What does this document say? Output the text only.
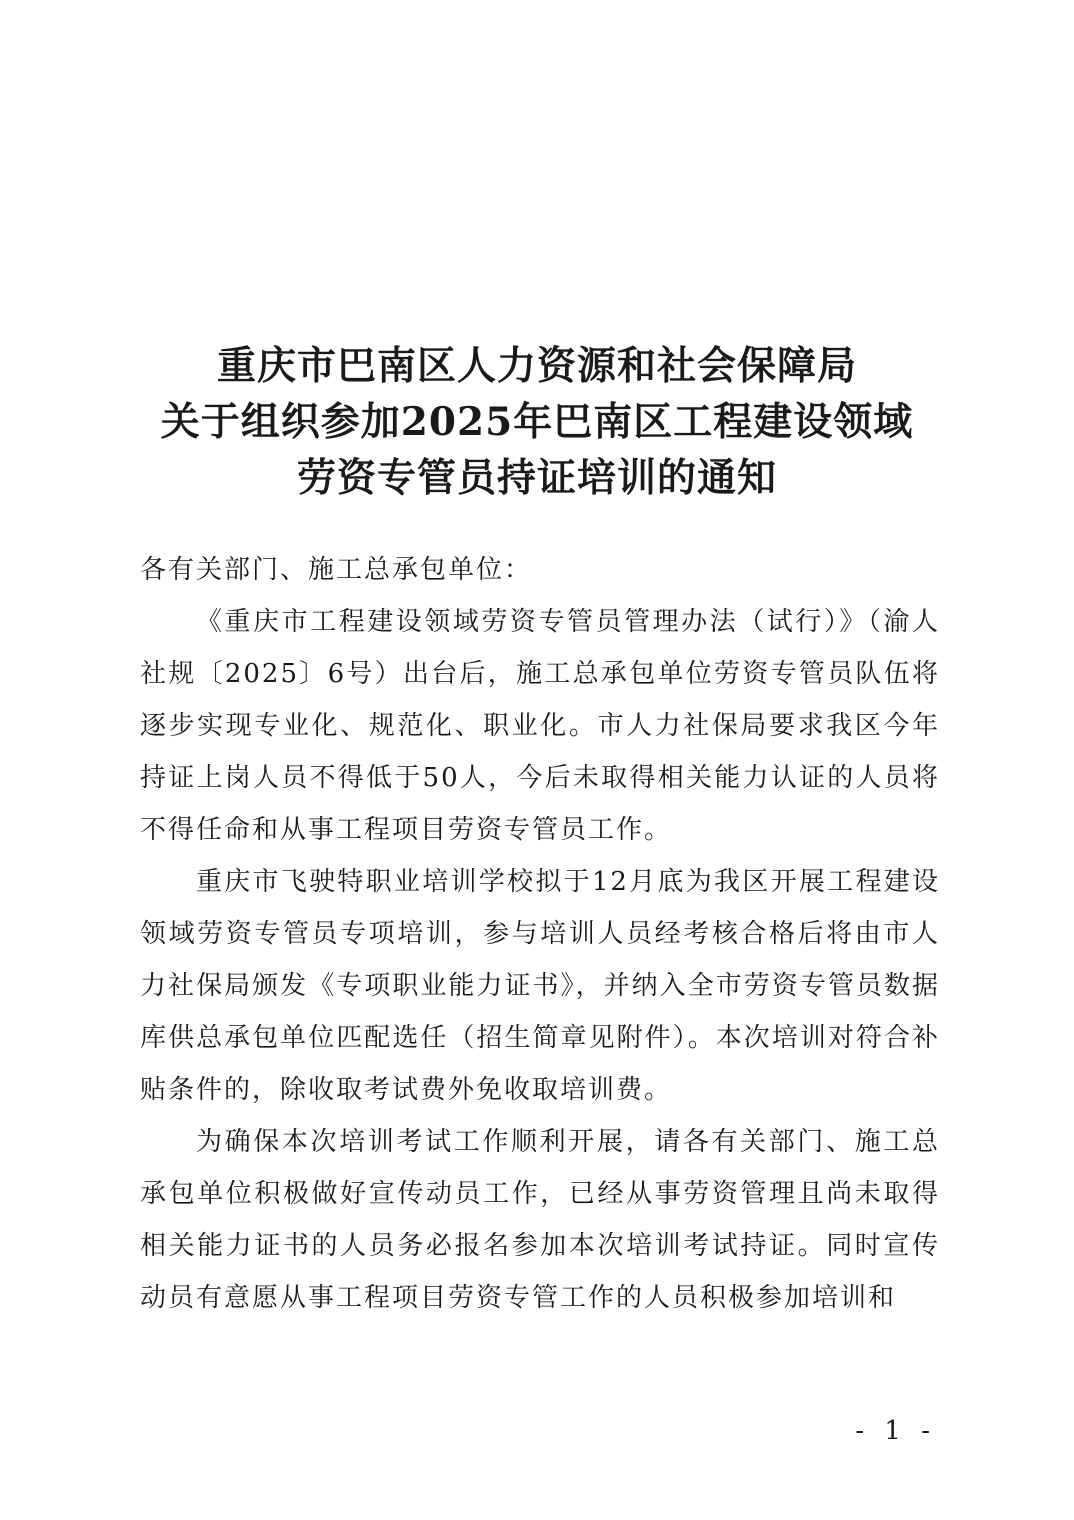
重庆市巴南区人力资源和社会保障局
关于组织参加2025年巴南区工程建设领域
劳资专管员持证培训的通知
各有关部门、施工总承包单位：

《重庆市工程建设领域劳资专管员管理办法（试行）》（渝人社规〔2025〕6号）出台后，施工总承包单位劳资专管员队伍将逐步实现专业化、规范化、职业化。市人力社保局要求我区今年持证上岗人员不得低于50人，今后未取得相关能力认证的人员将不得任命和从事工程项目劳资专管员工作。

重庆市飞驶特职业培训学校拟于12月底为我区开展工程建设领域劳资专管员专项培训，参与培训人员经考核合格后将由市人力社保局颁发《专项职业能力证书》，并纳入全市劳资专管员数据库供总承包单位匹配选任（招生简章见附件）。本次培训对符合补贴条件的，除收取考试费外免收取培训费。

为确保本次培训考试工作顺利开展，请各有关部门、施工总承包单位积极做好宣传动员工作，已经从事劳资管理且尚未取得相关能力证书的人员务必报名参加本次培训考试持证。同时宣传动员有意愿从事工程项目劳资专管工作的人员积极参加培训和

- 1 -
